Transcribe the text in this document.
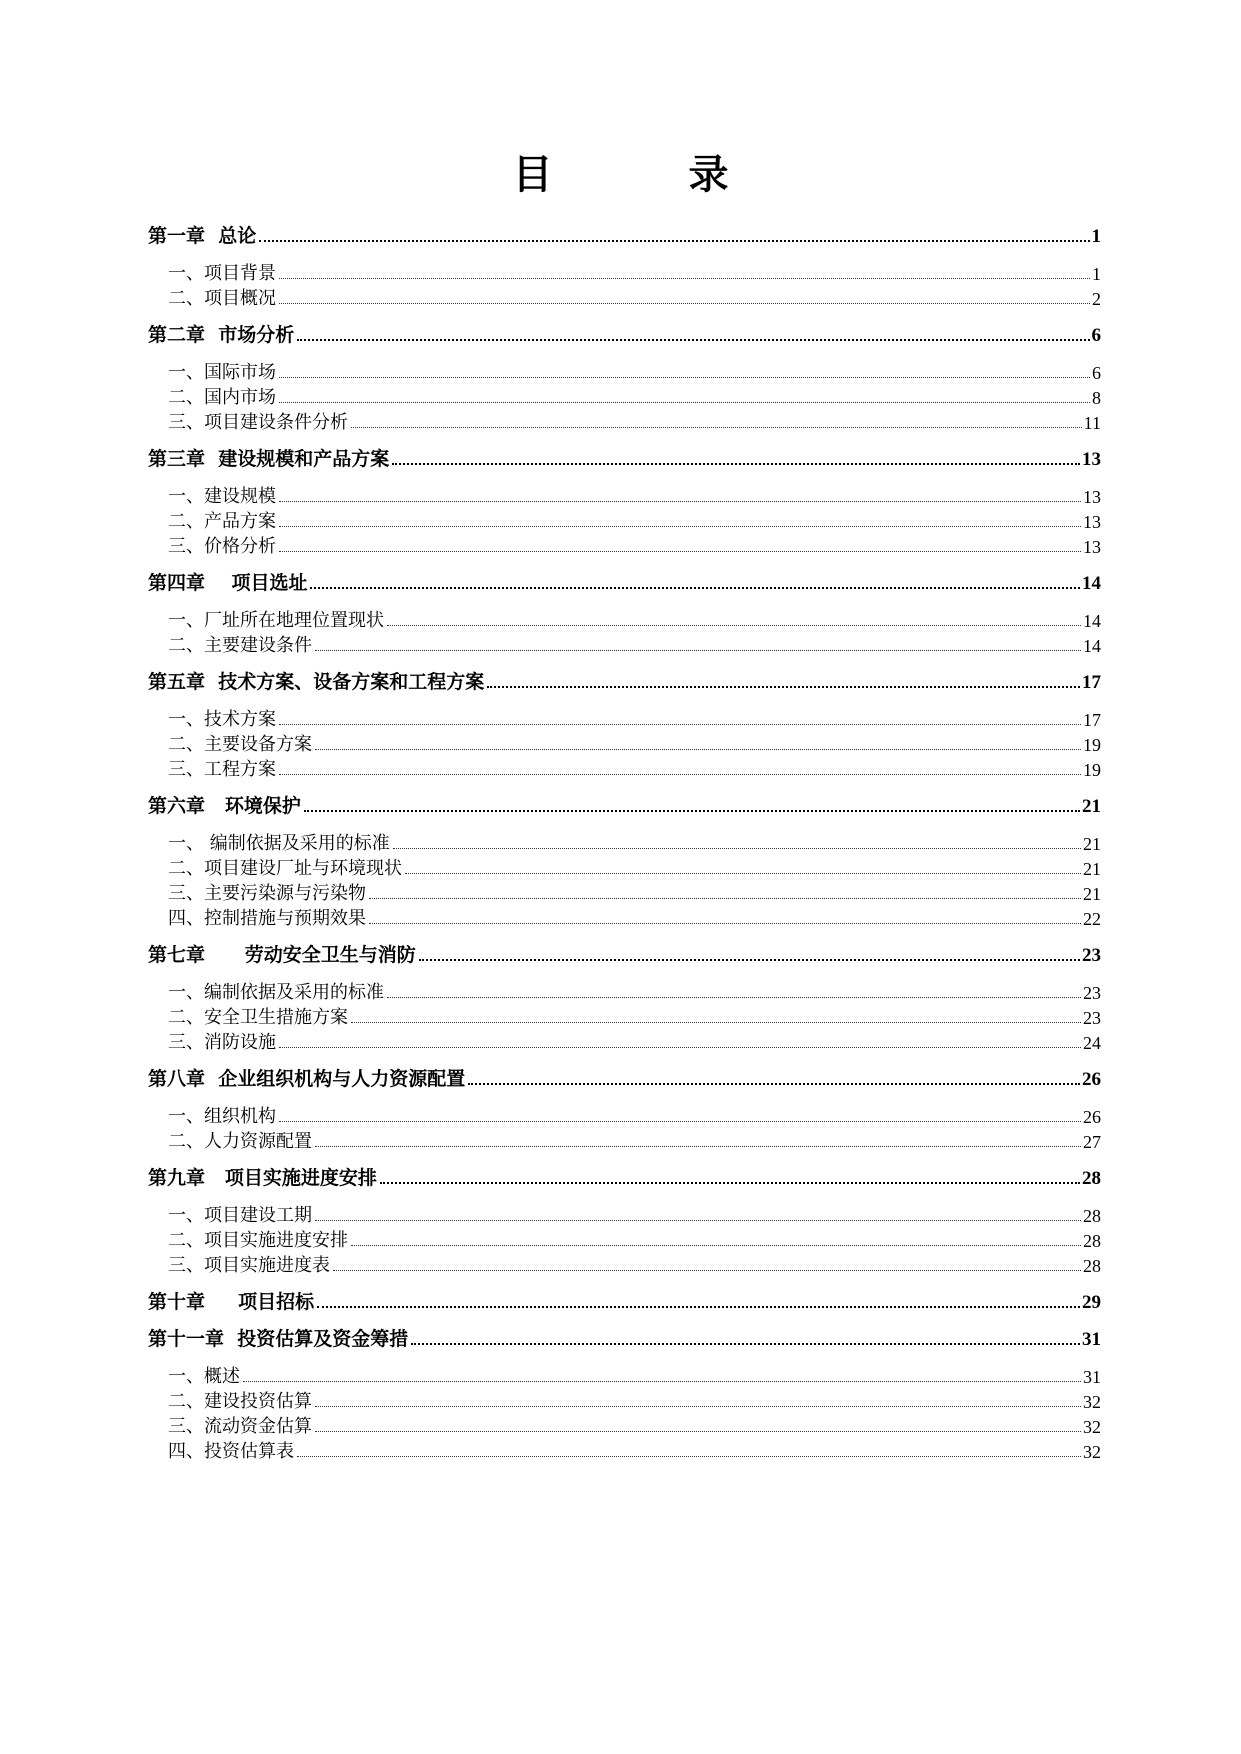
目　录
第一章  总论	1
一、项目背景	1
二、项目概况	2
第二章  市场分析	6
一、国际市场	6
二、国内市场	8
三、项目建设条件分析	11
第三章  建设规模和产品方案	13
一、建设规模	13
二、产品方案	13
三、价格分析	13
第四章    项目选址	14
一、厂址所在地理位置现状	14
二、主要建设条件	14
第五章  技术方案、设备方案和工程方案	17
一、技术方案	17
二、主要设备方案	19
三、工程方案	19
第六章   环境保护	21
一、 编制依据及采用的标准	21
二、项目建设厂址与环境现状	21
三、主要污染源与污染物	21
四、控制措施与预期效果	22
第七章      劳动安全卫生与消防	23
一、编制依据及采用的标准	23
二、安全卫生措施方案	23
三、消防设施	24
第八章  企业组织机构与人力资源配置	26
一、组织机构	26
二、人力资源配置	27
第九章   项目实施进度安排	28
一、项目建设工期	28
二、项目实施进度安排	28
三、项目实施进度表	28
第十章     项目招标	29
第十一章  投资估算及资金筹措	31
一、概述	31
二、建设投资估算	32
三、流动资金估算	32
四、投资估算表	32
